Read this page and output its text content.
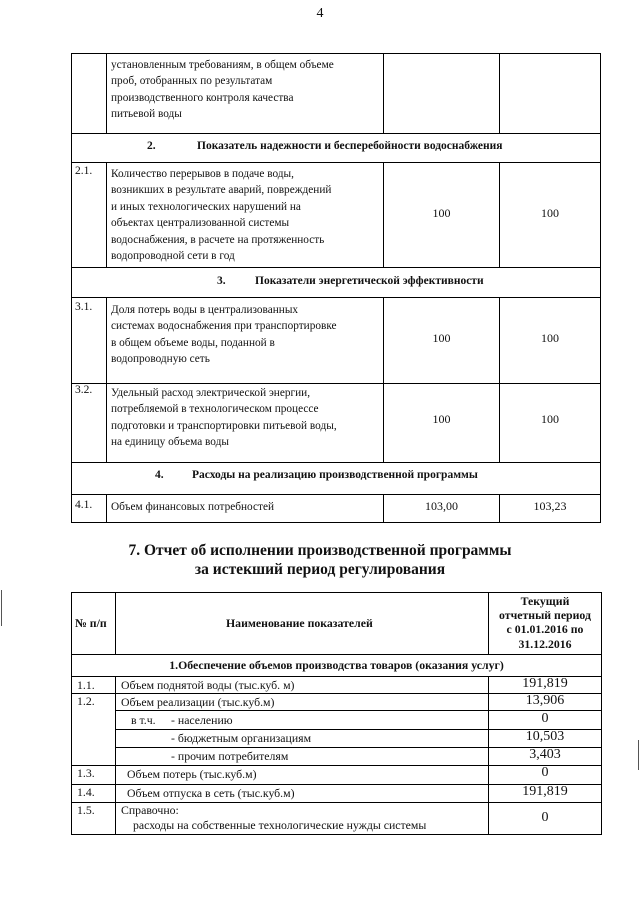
4
установленным требованиям, в общем объеме
проб, отобранных по результатам
производственного контроля качества
питьевой воды
2.	Показатель надежности и бесперебойности водоснабжения
2.1. Количество перерывов в подаче воды,
возникших в результате аварий, повреждений
и иных технологических нарушений на
объектах централизованной системы
водоснабжения, в расчете на протяженность
водопроводной сети в год
100	100
3.	Показатели энергетической эффективности
3.1. Доля потерь воды в централизованных
системах водоснабжения при транспортировке
в общем объеме воды, поданной в
водопроводную сеть
100	100
3.2. Удельный расход электрической энергии,
потребляемой в технологическом процессе
подготовки и транспортировки питьевой воды,
на единицу объема воды
100	100
4. Расходы на реализацию производственной программы
4.1. Объем финансовых потребностей	103,00	103,23
7. Отчет об исполнении производственной программы
за истекший период регулирования
№ п/п	Наименование показателей
Текущий
отчетный период
с 01.01.2016 по
31.12.2016
1.Обеспечение объемов производства товаров (оказания услуг)
1.1. Объем поднятой воды (тыс.куб. м)	191,819
1.2. Объем реализации (тыс.куб.м)	13,906
в т.ч. - населению	0
- бюджетным организациям	10,503
- прочим потребителям	3,403
1.3.	Объем потерь (тыс.куб.м)	0
1.4.	Объем отпуска в сеть (тыс.куб.м)	191,819
1.5. Справочно:
расходы на собственные технологические нужды системы	0
